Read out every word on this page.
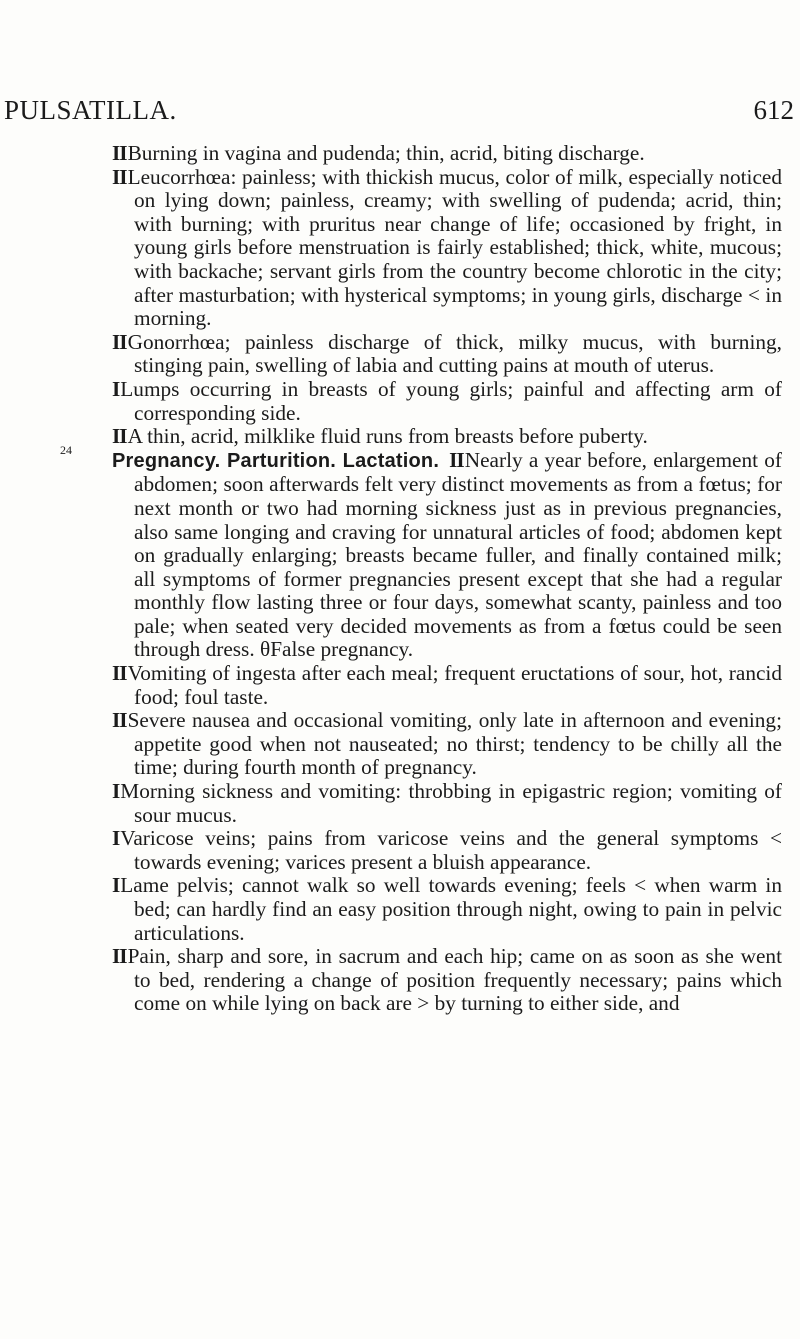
PULSATILLA.	612

IIBurning in vagina and pudenda; thin, acrid, biting discharge.

IILeucorrhœa: painless; with thickish mucus, color of milk, especially noticed on lying down; painless, creamy; with swelling of pudenda; acrid, thin; with burning; with pruritus near change of life; occasioned by fright, in young girls before menstruation is fairly established; thick, white, mucous; with backache; servant girls from the country become chlorotic in the city; after masturbation; with hysterical symptoms; in young girls, discharge < in morning.

IIGonorrhœa; painless discharge of thick, milky mucus, with burning, stinging pain, swelling of labia and cutting pains at mouth of uterus.

ILumps occurring in breasts of young girls; painful and affecting arm of corresponding side.

IIA thin, acrid, milklike fluid runs from breasts before puberty.

24	Pregnancy. Parturition. Lactation. IINearly a year before, enlargement of abdomen; soon afterwards felt very distinct movements as from a fœtus; for next month or two had morning sickness just as in previous pregnancies, also same longing and craving for unnatural articles of food; abdomen kept on gradually enlarging; breasts became fuller, and finally contained milk; all symptoms of former pregnancies present except that she had a regular monthly flow lasting three or four days, somewhat scanty, painless and too pale; when seated very decided movements as from a fœtus could be seen through dress. θFalse pregnancy.

IIVomiting of ingesta after each meal; frequent eructations of sour, hot, rancid food; foul taste.

IISevere nausea and occasional vomiting, only late in afternoon and evening; appetite good when not nauseated; no thirst; tendency to be chilly all the time; during fourth month of pregnancy.

IMorning sickness and vomiting: throbbing in epigastric region; vomiting of sour mucus.

IVaricose veins; pains from varicose veins and the general symptoms < towards evening; varices present a bluish appearance.

ILame pelvis; cannot walk so well towards evening; feels < when warm in bed; can hardly find an easy position through night, owing to pain in pelvic articulations.

IIPain, sharp and sore, in sacrum and each hip; came on as soon as she went to bed, rendering a change of position frequently necessary; pains which come on while lying on back are > by turning to either side, and
